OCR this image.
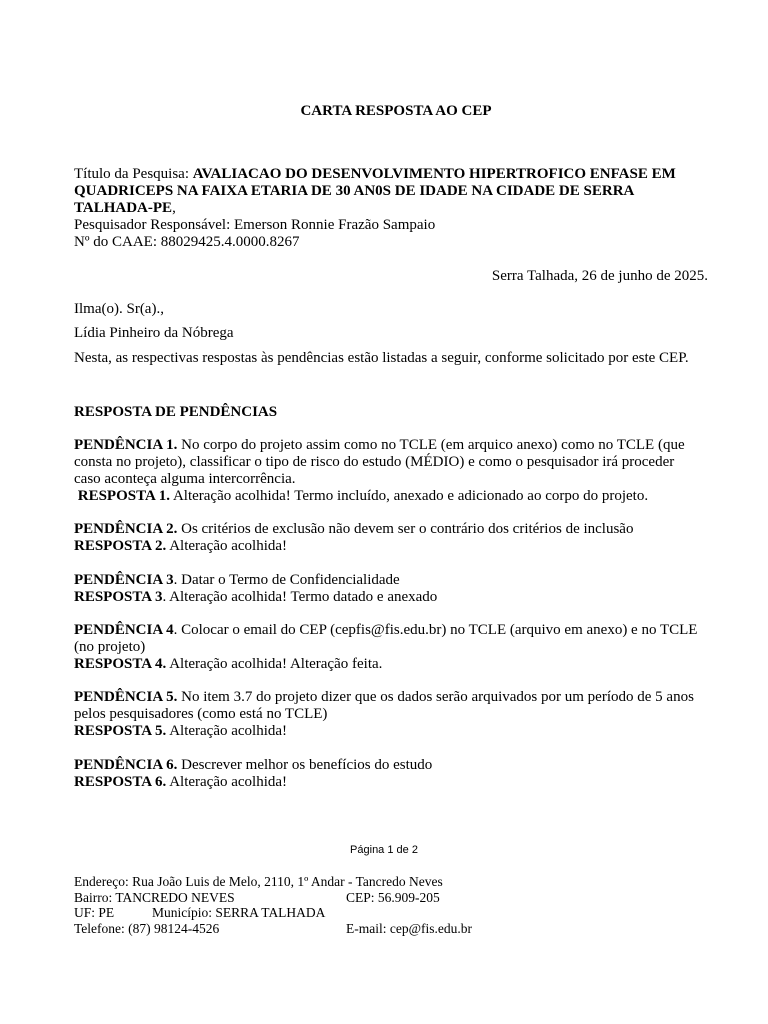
CARTA RESPOSTA AO CEP
Título da Pesquisa: AVALIACAO DO DESENVOLVIMENTO HIPERTROFICO ENFASE EM
QUADRICEPS NA FAIXA ETARIA DE 30 AN0S DE IDADE NA CIDADE DE SERRA
TALHADA-PE,
Pesquisador Responsável: Emerson Ronnie Frazão Sampaio
Nº do CAAE: 88029425.4.0000.8267
Serra Talhada, 26 de junho de 2025.
Ilma(o). Sr(a).,
Lídia Pinheiro da Nóbrega
Nesta, as respectivas respostas às pendências estão listadas a seguir, conforme solicitado por este CEP.
RESPOSTA DE PENDÊNCIAS
PENDÊNCIA 1. No corpo do projeto assim como no TCLE (em arquico anexo) como no TCLE (que
consta no projeto), classificar o tipo de risco do estudo (MÉDIO) e como o pesquisador irá proceder
caso aconteça alguma intercorrência.
RESPOSTA 1. Alteração acolhida! Termo incluído, anexado e adicionado ao corpo do projeto.
PENDÊNCIA 2. Os critérios de exclusão não devem ser o contrário dos critérios de inclusão
RESPOSTA 2. Alteração acolhida!
PENDÊNCIA 3. Datar o Termo de Confidencialidade
RESPOSTA 3. Alteração acolhida! Termo datado e anexado
PENDÊNCIA 4. Colocar o email do CEP (cepfis@fis.edu.br) no TCLE (arquivo em anexo) e no TCLE
(no projeto)
RESPOSTA 4. Alteração acolhida! Alteração feita.
PENDÊNCIA 5. No item 3.7 do projeto dizer que os dados serão arquivados por um período de 5 anos
pelos pesquisadores (como está no TCLE)
RESPOSTA 5. Alteração acolhida!
PENDÊNCIA 6. Descrever melhor os benefícios do estudo
RESPOSTA 6. Alteração acolhida!
Página 1 de 2
Endereço: Rua João Luis de Melo, 2110, 1º Andar - Tancredo Neves
Bairro: TANCREDO NEVES	CEP: 56.909-205
UF: PE	Município: SERRA TALHADA
Telefone: (87) 98124-4526	E-mail: cep@fis.edu.br
